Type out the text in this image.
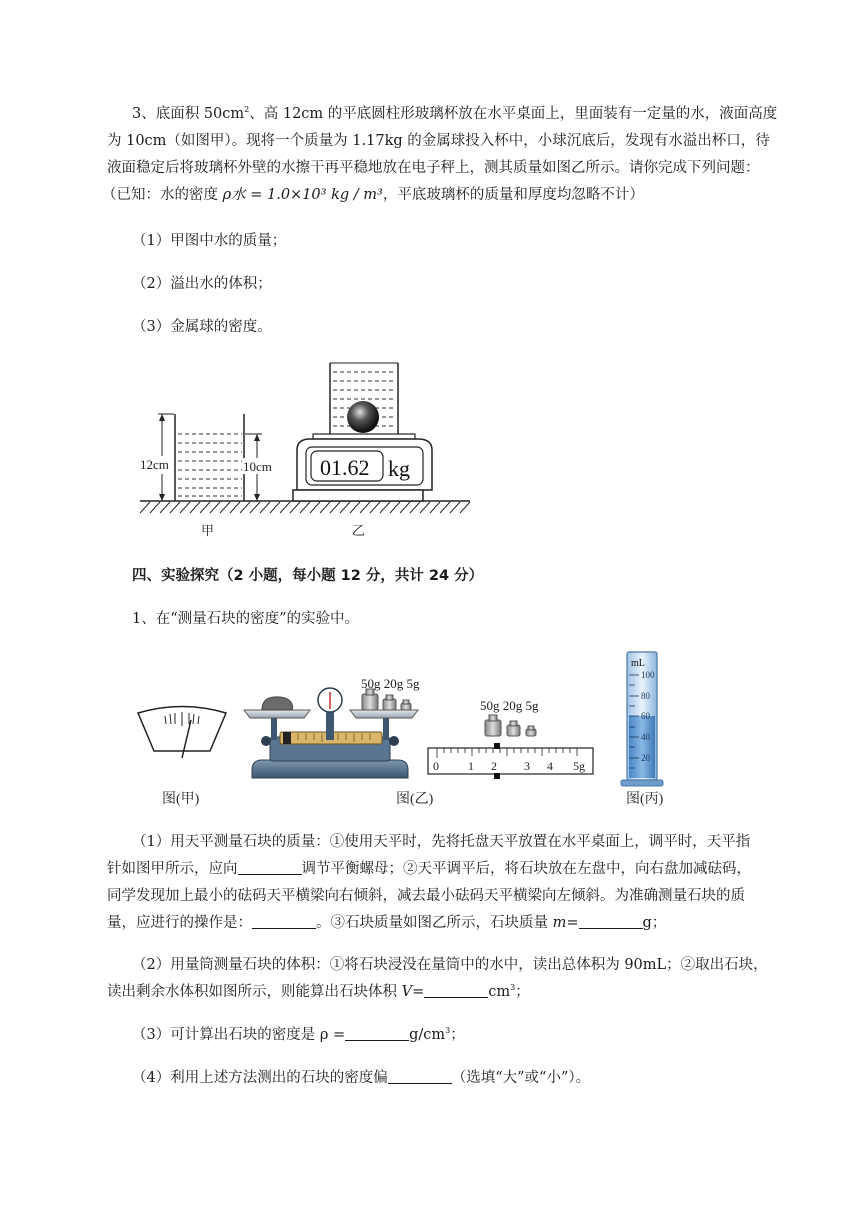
3、底面积 $50cm^2$、高 12cm 的平底圆柱形玻璃杯放在水平桌面上，里面装有一定量的水，液面高度
为 10cm（如图甲）。现将一个质量为 1.17kg 的金属球投入杯中，小球沉底后，发现有水溢出杯口，待
液面稳定后将玻璃杯外壁的水擦干再平稳地放在电子秤上，测其质量如图乙所示。请你完成下列问题：
（已知：水的密度 ρ水 = 1.0×10³ kg / m³，平底玻璃杯的质量和厚度均忽略不计）
（1）甲图中水的质量；
（2）溢出水的体积；
（3）金属球的密度。
12cm	10cm 01.62 kg
甲	乙
四、实验探究（2 小题，每小题 12 分，共计 24 分）
1、在“测量石块的密度”的实验中。
图(甲)
50g 20g 5g
图(乙)
50g 20g 5g
0 1 2 3 4 5g
mL
100
80
60
40
20
图(丙)
（1）用天平测量石块的质量：①使用天平时，先将托盘天平放置在水平桌面上，调平时，天平指
针如图甲所示，应向	调节平衡螺母；②天平调平后，将石块放在左盘中，向右盘加减砝码，
同学发现加上最小的砝码天平横梁向右倾斜，减去最小砝码天平横梁向左倾斜。为准确测量石块的质
量，应进行的操作是：	。③石块质量如图乙所示，石块质量 m=	g；
（2）用量筒测量石块的体积：①将石块浸没在量筒中的水中，读出总体积为 90mL；②取出石块，
读出剩余水体积如图所示，则能算出石块体积 V=	$cm^3$；
（3）可计算出石块的密度是 ρ =	$g/cm^3$；
（4）利用上述方法测出的石块的密度偏	（选填“大”或“小”）。
